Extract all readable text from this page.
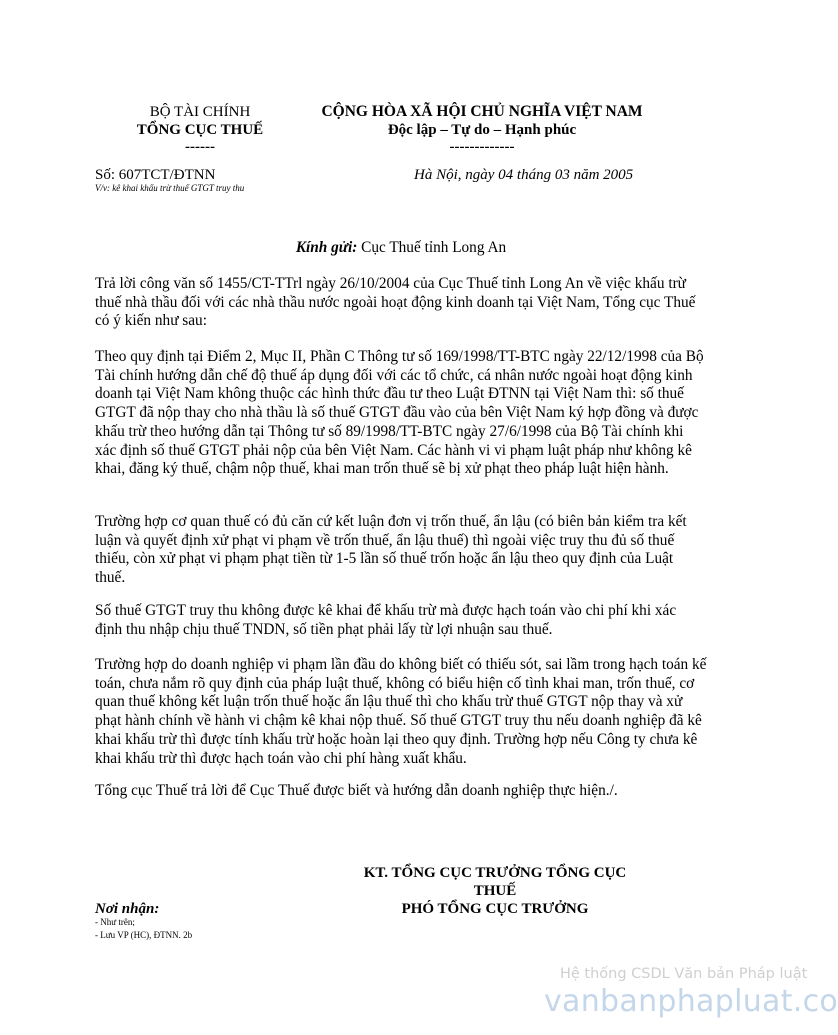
BỘ TÀI CHÍNH
TỔNG CỤC THUẾ
------
CỘNG HÒA XÃ HỘI CHỦ NGHĨA VIỆT NAM
Độc lập – Tự do – Hạnh phúc
-------------
Số: 607TCT/ĐTNN
V/v: kê khai khấu trừ thuế GTGT truy thu
Hà Nội, ngày 04 tháng 03 năm 2005
Kính gửi: Cục Thuế tỉnh Long An

Trả lời công văn số 1455/CT-TTrl ngày 26/10/2004 của Cục Thuế tỉnh Long An về việc khấu trừ thuế nhà thầu đối với các nhà thầu nước ngoài hoạt động kinh doanh tại Việt Nam, Tổng cục Thuế có ý kiến như sau:

Theo quy định tại Điểm 2, Mục II, Phần C Thông tư số 169/1998/TT-BTC ngày 22/12/1998 của Bộ Tài chính hướng dẫn chế độ thuế áp dụng đối với các tổ chức, cá nhân nước ngoài hoạt động kinh doanh tại Việt Nam không thuộc các hình thức đầu tư theo Luật ĐTNN tại Việt Nam thì: số thuế GTGT đã nộp thay cho nhà thầu là số thuế GTGT đầu vào của bên Việt Nam ký hợp đồng và được khấu trừ theo hướng dẫn tại Thông tư số 89/1998/TT-BTC ngày 27/6/1998 của Bộ Tài chính khi xác định số thuế GTGT phải nộp của bên Việt Nam. Các hành vi vi phạm luật pháp như không kê khai, đăng ký thuế, chậm nộp thuế, khai man trốn thuế sẽ bị xử phạt theo pháp luật hiện hành.

Trường hợp cơ quan thuế có đủ căn cứ kết luận đơn vị trốn thuế, ẩn lậu (có biên bản kiểm tra kết luận và quyết định xử phạt vi phạm về trốn thuế, ẩn lậu thuế) thì ngoài việc truy thu đủ số thuế thiếu, còn xử phạt vi phạm phạt tiền từ 1-5 lần số thuế trốn hoặc ẩn lậu theo quy định của Luật thuế.

Số thuế GTGT truy thu không được kê khai để khấu trừ mà được hạch toán vào chi phí khi xác định thu nhập chịu thuế TNDN, số tiền phạt phải lấy từ lợi nhuận sau thuế.

Trường hợp do doanh nghiệp vi phạm lần đầu do không biết có thiếu sót, sai lầm trong hạch toán kế toán, chưa nắm rõ quy định của pháp luật thuế, không có biểu hiện cố tình khai man, trốn thuế, cơ quan thuế không kết luận trốn thuế hoặc ẩn lậu thuế thì cho khấu trừ thuế GTGT nộp thay và xử phạt hành chính về hành vi chậm kê khai nộp thuế. Số thuế GTGT truy thu nếu doanh nghiệp đã kê khai khấu trừ thì được tính khấu trừ hoặc hoàn lại theo quy định. Trường hợp nếu Công ty chưa kê khai khấu trừ thì được hạch toán vào chi phí hàng xuất khẩu.

Tổng cục Thuế trả lời để Cục Thuế được biết và hướng dẫn doanh nghiệp thực hiện./.

Nơi nhận:
- Như trên;
- Lưu VP (HC), ĐTNN. 2b
KT. TỔNG CỤC TRƯỞNG TỔNG CỤC
THUẾ
PHÓ TỔNG CỤC TRƯỞNG
Hệ thống CSDL Văn bản Pháp luật
vanbanphapluat.co
